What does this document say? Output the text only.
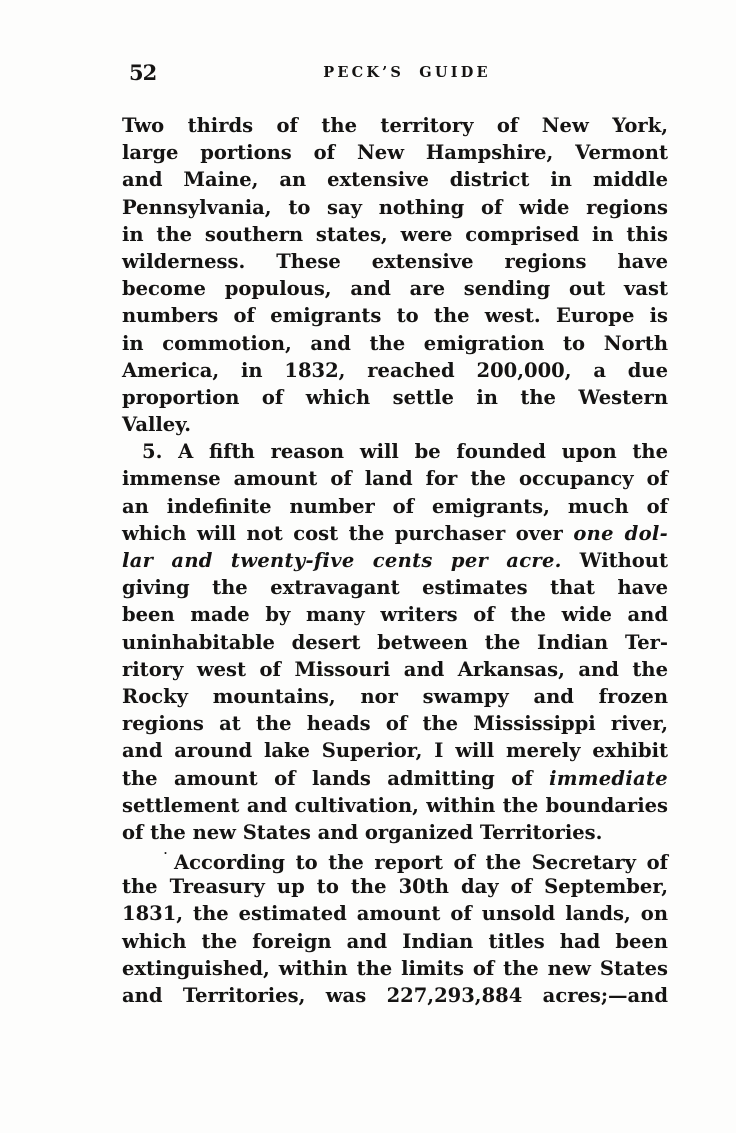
52	PECK’S GUIDE
Two thirds of the territory of New York,
large portions of New Hampshire, Vermont
and Maine, an extensive district in middle
Pennsylvania, to say nothing of wide regions
in the southern states, were comprised in this
wilderness. These extensive regions have
become populous, and are sending out vast
numbers of emigrants to the west. Europe is
in commotion, and the emigration to North
America, in 1832, reached 200,000, a due
proportion of which settle in the Western
Valley.
5. A fifth reason will be founded upon the
immense amount of land for the occupancy of
an indefinite number of emigrants, much of
which will not cost the purchaser over one dol-
lar and twenty-five cents per acre. Without
giving the extravagant estimates that have
been made by many writers of the wide and
uninhabitable desert between the Indian Ter-
ritory west of Missouri and Arkansas, and the
Rocky mountains, nor swampy and frozen
regions at the heads of the Mississippi river,
and around lake Superior, I will merely exhibit
the amount of lands admitting of immediate
settlement and cultivation, within the boundaries
of the new States and organized Territories.
˙ According to the report of the Secretary of
the Treasury up to the 30th day of September,
1831, the estimated amount of unsold lands, on
which the foreign and Indian titles had been
extinguished, within the limits of the new States
and Territories, was 227,293,884 acres;—and
